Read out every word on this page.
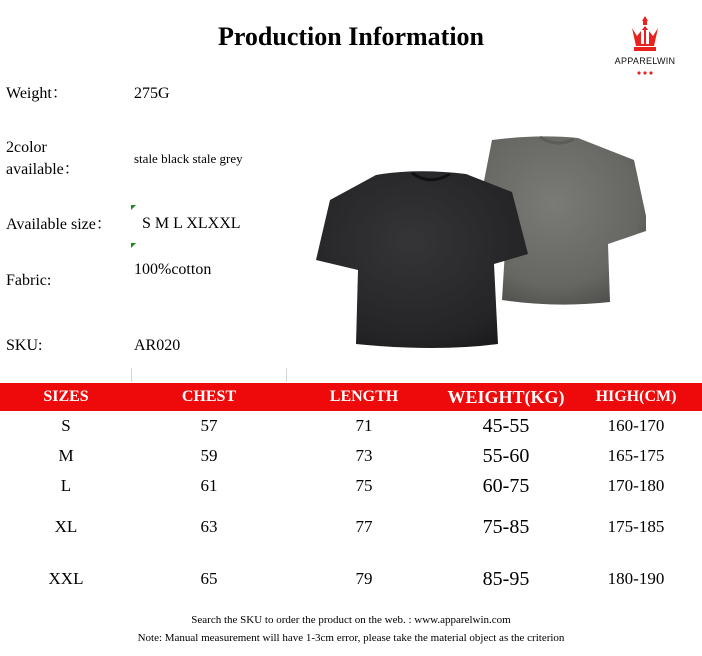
Production Information
APPARELWIN
Weight：	275G
2color
available：
stale black stale grey
Available size： S M L XLXXL
Fabric:
100%cotton
SKU:	AR020
SIZES	CHEST	LENGTH	WEIGHT(KG)	HIGH(CM)
S	57	71	45-55	160-170
M	59	73	55-60	165-175
L	61	75	60-75	170-180
XL	63	77	75-85	175-185
XXL	65	79	85-95	180-190
Search the SKU to order the product on the web. : www.apparelwin.com
Note: Manual measurement will have 1-3cm error, please take the material object as the criterion
